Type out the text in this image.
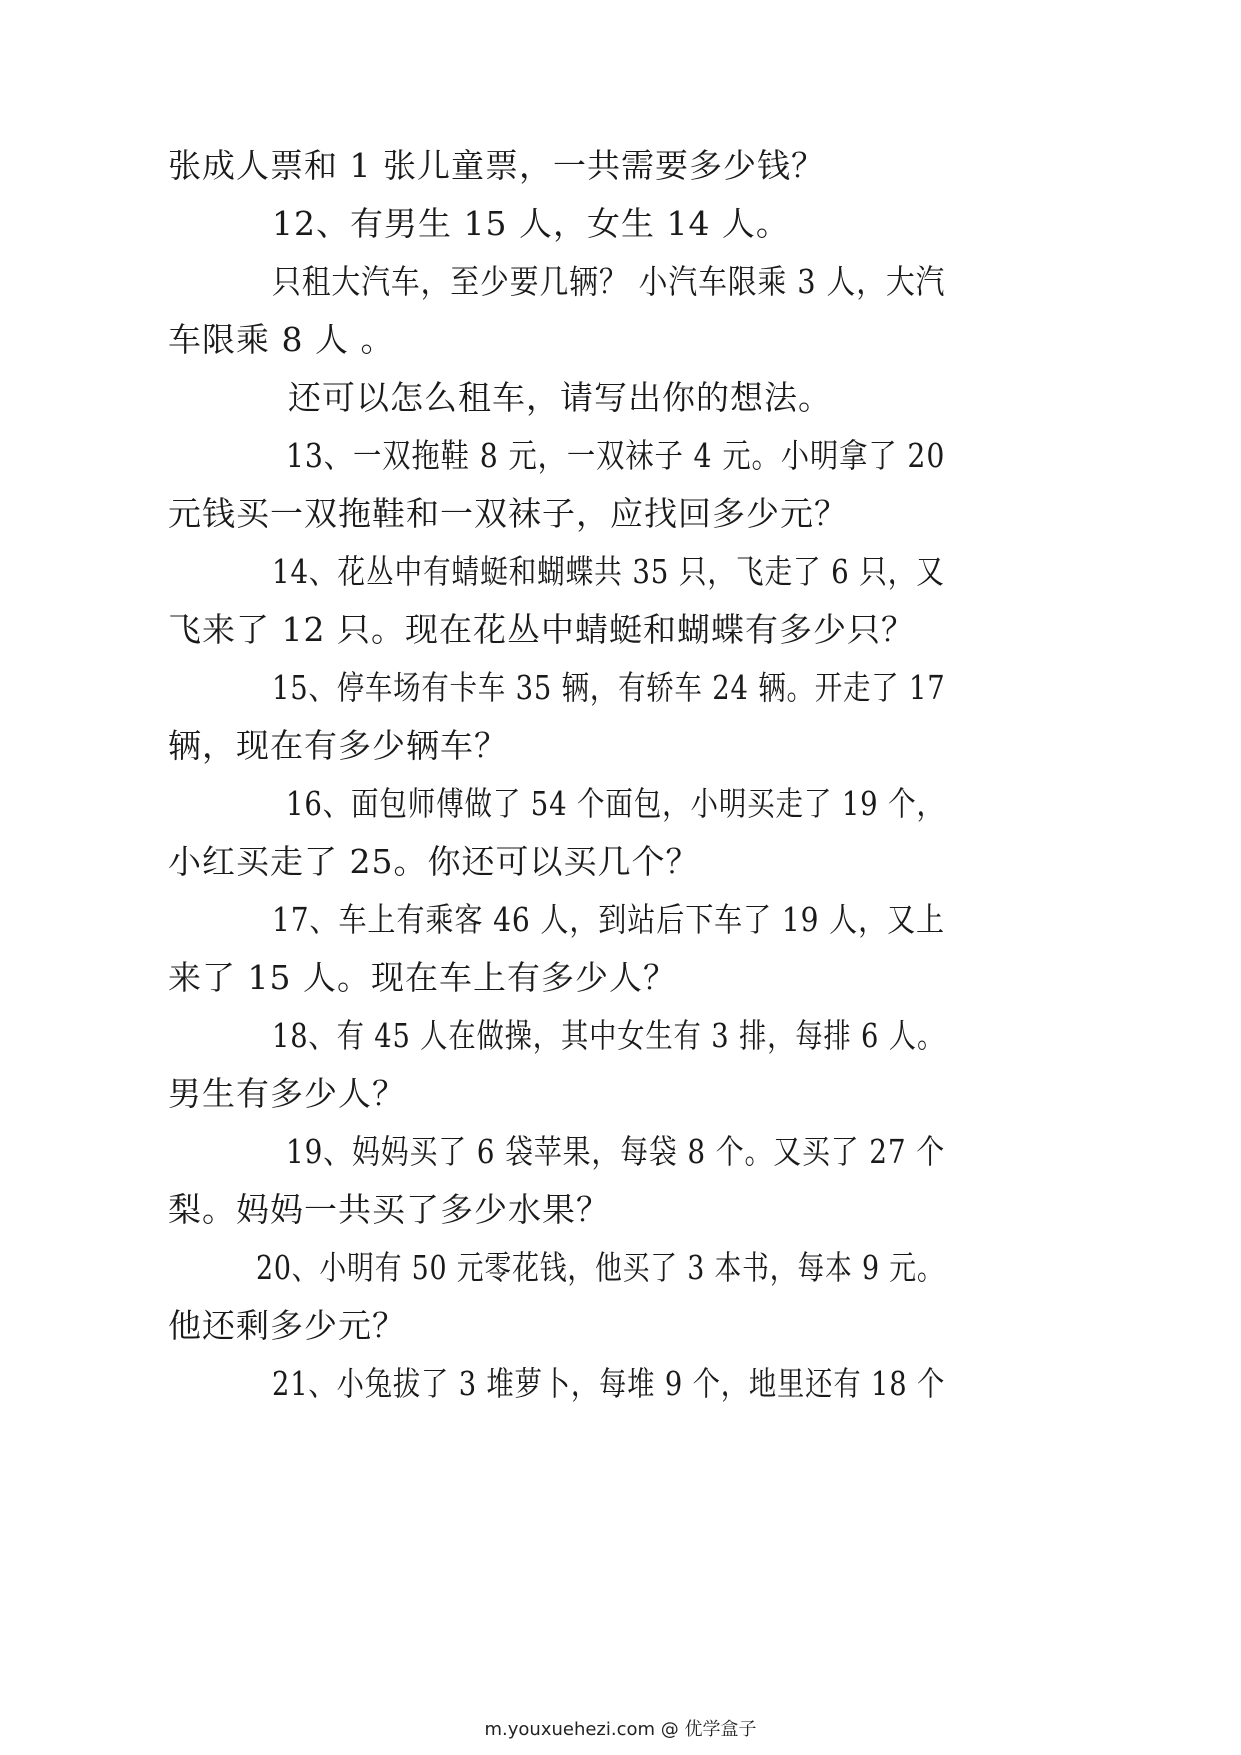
张成人票和 1 张儿童票，一共需要多少钱？
12、有男生 15 人，女生 14 人。
只租大汽车，至少要几辆？ 小汽车限乘 3 人，大汽
车限乘 8 人 。
还可以怎么租车，请写出你的想法。
13、一双拖鞋 8 元，一双袜子 4 元。小明拿了 20
元钱买一双拖鞋和一双袜子，应找回多少元？
14、花丛中有蜻蜓和蝴蝶共 35 只，飞走了 6 只，又
飞来了 12 只。现在花丛中蜻蜓和蝴蝶有多少只？
15、停车场有卡车 35 辆，有轿车 24 辆。开走了 17
辆，现在有多少辆车？
16、面包师傅做了 54 个面包，小明买走了 19 个，
小红买走了 25。你还可以买几个？
17、车上有乘客 46 人，到站后下车了 19 人，又上
来了 15 人。现在车上有多少人？
18、有 45 人在做操，其中女生有 3 排，每排 6 人。
男生有多少人？
19、妈妈买了 6 袋苹果，每袋 8 个。又买了 27 个
梨。妈妈一共买了多少水果？
20、小明有 50 元零花钱，他买了 3 本书，每本 9 元。
他还剩多少元？
21、小兔拔了 3 堆萝卜，每堆 9 个，地里还有 18 个
m.youxuehezi.com @ 优学盒子
